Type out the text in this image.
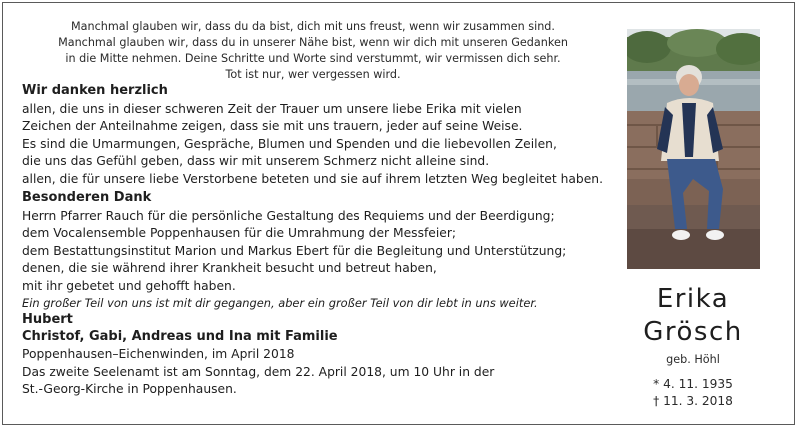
Manchmal glauben wir, dass du da bist, dich mit uns freust, wenn wir zusammen sind.
Manchmal glauben wir, dass du in unserer Nähe bist, wenn wir dich mit unseren Gedanken
in die Mitte nehmen. Deine Schritte und Worte sind verstummt, wir vermissen dich sehr.
Tot ist nur, wer vergessen wird.
Wir danken herzlich
allen, die uns in dieser schweren Zeit der Trauer um unsere liebe Erika mit vielen
Zeichen der Anteilnahme zeigen, dass sie mit uns trauern, jeder auf seine Weise.
Es sind die Umarmungen, Gespräche, Blumen und Spenden und die liebevollen Zeilen,
die uns das Gefühl geben, dass wir mit unserem Schmerz nicht alleine sind.
allen, die für unsere liebe Verstorbene beteten und sie auf ihrem letzten Weg begleitet haben.
Besonderen Dank
Herrn Pfarrer Rauch für die persönliche Gestaltung des Requiems und der Beerdigung;
dem Vocalensemble Poppenhausen für die Umrahmung der Messfeier;
dem Bestattungsinstitut Marion und Markus Ebert für die Begleitung und Unterstützung;
denen, die sie während ihrer Krankheit besucht und betreut haben,
mit ihr gebetet und gehofft haben.
Ein großer Teil von uns ist mit dir gegangen, aber ein großer Teil von dir lebt in uns weiter.
Hubert
Christof, Gabi, Andreas und Ina mit Familie
Poppenhausen–Eichenwinden, im April 2018
Das zweite Seelenamt ist am Sonntag, dem 22. April 2018, um 10 Uhr in der
St.-Georg-Kirche in Poppenhausen.
Erika
Grösch
geb. Höhl
* 4. 11. 1935
† 11. 3. 2018
